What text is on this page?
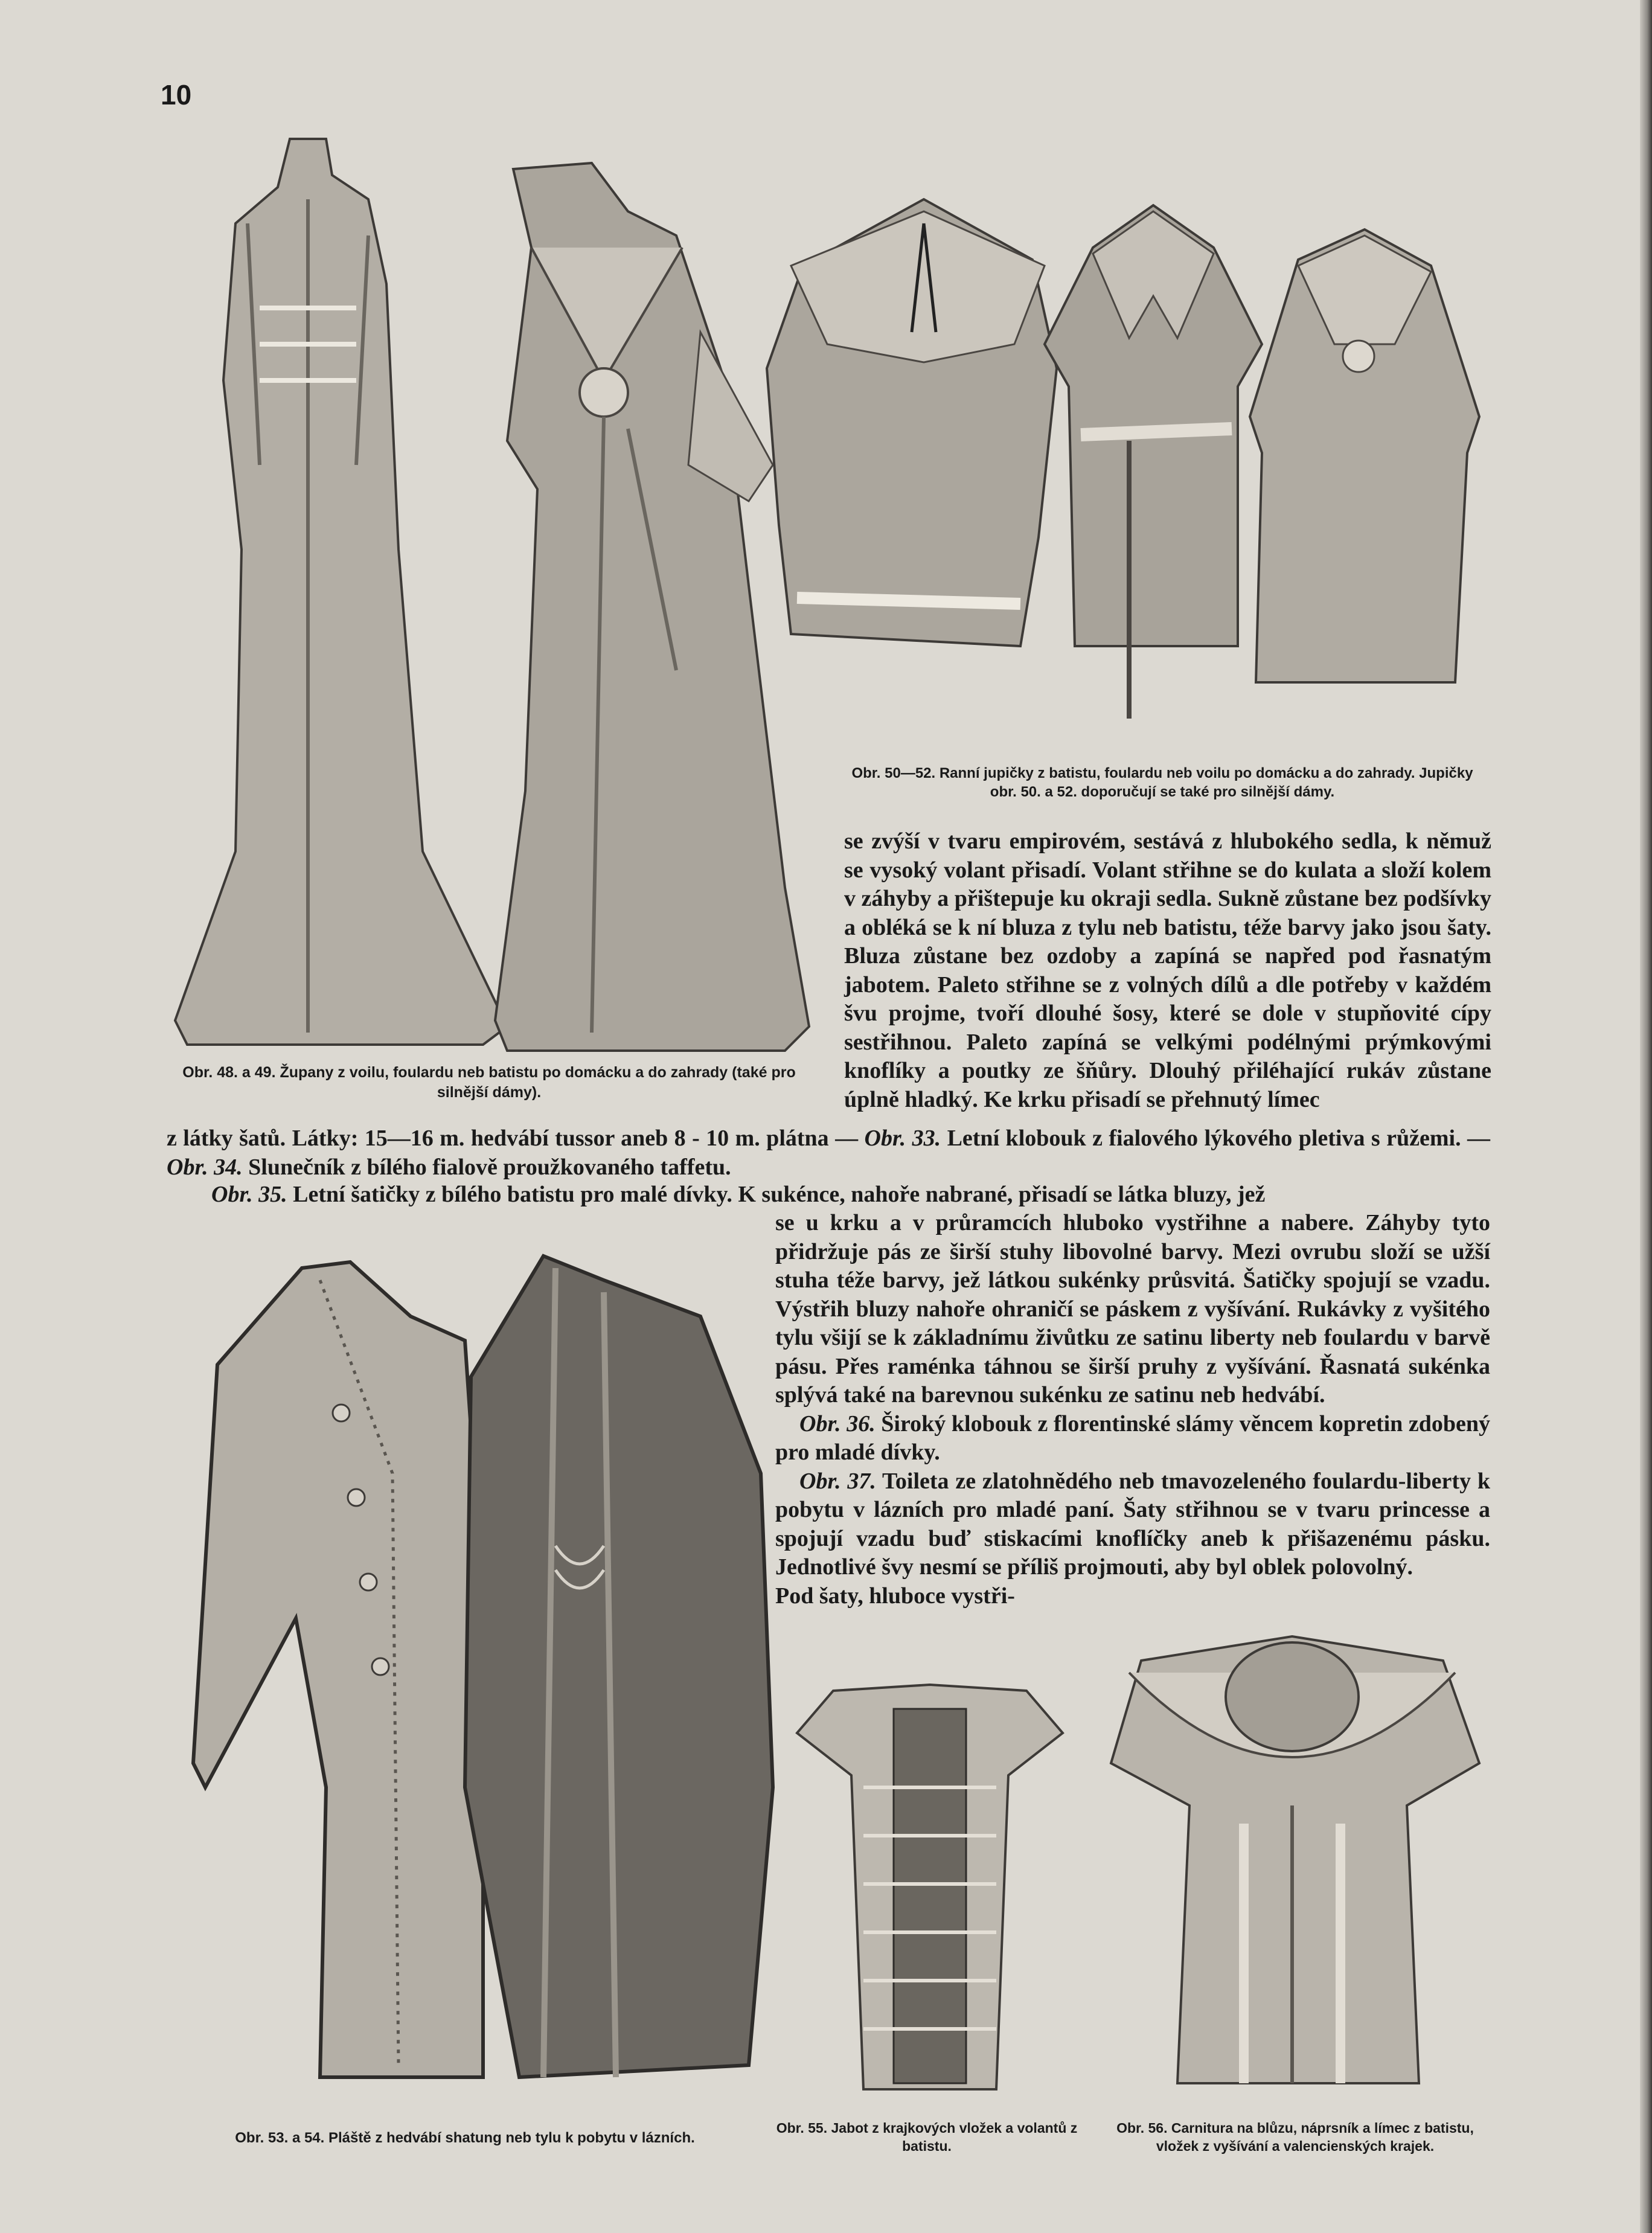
10
Obr. 50—52. Ranní jupičky z batistu, foulardu neb voilu po domácku a do zahrady. Jupičky obr. 50. a 52. doporučují se také pro silnější dámy.
Obr. 48. a 49. Župany z voilu, foulardu neb batistu po domácku a do zahrady (také pro silnější dámy).

se zvýší v tvaru empirovém, sestává z hlubokého sedla, k němuž se vysoký volant přisadí. Volant střihne se do kulata a složí kolem v záhyby a přištepuje ku okraji sedla. Sukně zůstane bez podšívky a obléká se k ní bluza z tylu neb batistu, téže barvy jako jsou šaty. Bluza zůstane bez ozdoby a zapíná se napřed pod řasnatým jabotem. Paleto střihne se z volných dílů a dle potřeby v každém švu projme, tvoří dlouhé šosy, které se dole v stupňovité cípy sestřihnou. Paleto zapíná se velkými podélnými prýmkovými knoflíky a poutky ze šňůry. Dlouhý přiléhající rukáv zůstane úplně hladký. Ke krku přisadí se přehnutý límec

z látky šatů. Látky: 15—16 m. hedvábí tussor aneb 8 - 10 m. plátna — Obr. 33. Letní klobouk z fialového lýkového pletiva s růžemi. — Obr. 34. Slunečník z bílého fialově proužkovaného taffetu.

Obr. 35. Letní šatičky z bílého batistu pro malé dívky. K sukénce, nahoře nabrané, přisadí se látka bluzy, jež

se u krku a v průramcích hluboko vystřihne a nabere. Záhyby tyto přidržuje pás ze širší stuhy libovolné barvy. Mezi ovrubu složí se užší stuha téže barvy, jež látkou sukénky průsvitá. Šatičky spojují se vzadu. Výstřih bluzy nahoře ohraničí se páskem z vyšívání. Rukávky z vyšitého tylu všijí se k základnímu živůtku ze satinu liberty neb foulardu v barvě pásu. Přes raménka táhnou se širší pruhy z vyšívání. Řasnatá sukénka splývá také na barevnou sukénku ze satinu neb hedvábí.

Obr. 36. Široký klobouk z florentinské slámy věncem kopretin zdobený pro mladé dívky.

Obr. 37. Toileta ze zlatohnědého neb tmavozeleného foulardu-liberty k pobytu v lázních pro mladé paní. Šaty střihnou se v tvaru princesse a spojují vzadu buď stiskacími knoflíčky aneb k přišazenému pásku. Jednotlivé švy nesmí se příliš projmouti, aby byl oblek polovolný.

Pod šaty, hluboce vystři-

Obr. 53. a 54. Pláště z hedvábí shatung neb tylu k pobytu v lázních.
Obr. 55. Jabot z krajkových vložek a volantů z batistu.
Obr. 56. Carnitura na blůzu, náprsník a límec z batistu, vložek z vyšívání a valencienských krajek.
